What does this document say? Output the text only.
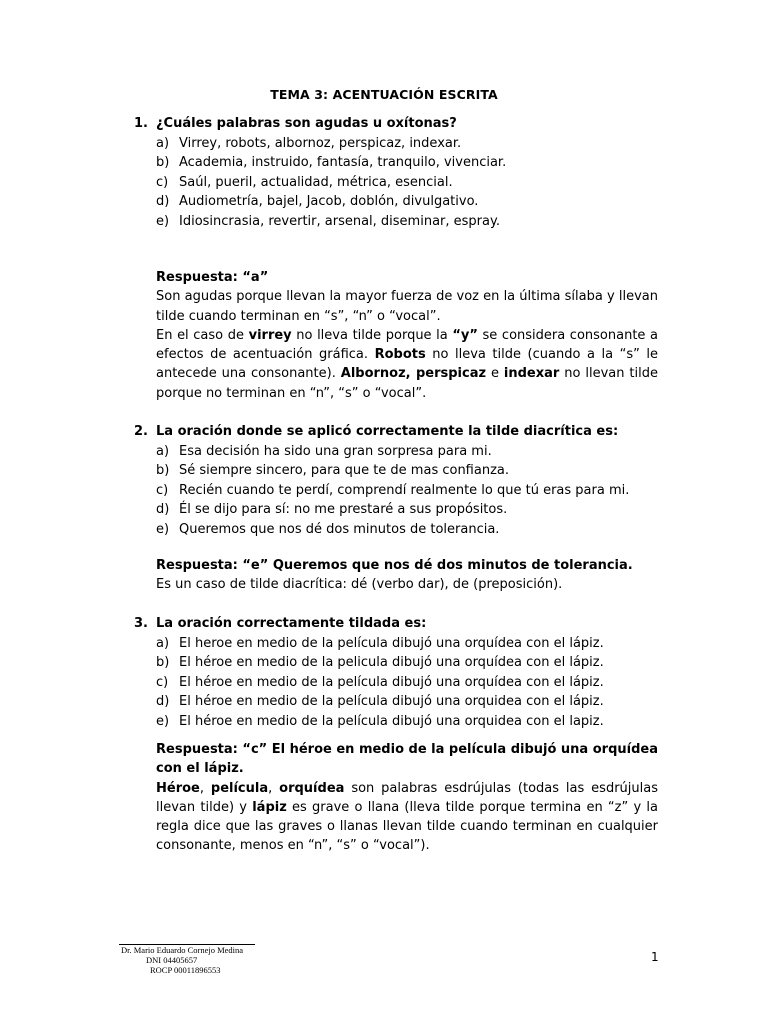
TEMA 3: ACENTUACIÓN ESCRITA
1. ¿Cuáles palabras son agudas u oxítonas?
a) Virrey, robots, albornoz, perspicaz, indexar.
b) Academia, instruido, fantasía, tranquilo, vivenciar.
c) Saúl, pueril, actualidad, métrica, esencial.
d) Audiometría, bajel, Jacob, doblón, divulgativo.
e) Idiosincrasia, revertir, arsenal, diseminar, espray.
Respuesta: “a”
Son agudas porque llevan la mayor fuerza de voz en la última sílaba y llevan tilde cuando terminan en “s”, “n” o “vocal”.
En el caso de virrey no lleva tilde porque la “y” se considera consonante a efectos de acentuación gráfica. Robots no lleva tilde (cuando a la “s” le antecede una consonante). Albornoz, perspicaz e indexar no llevan tilde porque no terminan en “n”, “s” o “vocal”.
2. La oración donde se aplicó correctamente la tilde diacrítica es:
a) Esa decisión ha sido una gran sorpresa para mi.
b) Sé siempre sincero, para que te de mas confianza.
c) Recién cuando te perdí, comprendí realmente lo que tú eras para mi.
d) Él se dijo para sí: no me prestaré a sus propósitos.
e) Queremos que nos dé dos minutos de tolerancia.
Respuesta: “e” Queremos que nos dé dos minutos de tolerancia.
Es un caso de tilde diacrítica: dé (verbo dar), de (preposición).
3. La oración correctamente tildada es:
a) El heroe en medio de la película dibujó una orquídea con el lápiz.
b) El héroe en medio de la pelicula dibujó una orquídea con el lápiz.
c) El héroe en medio de la película dibujó una orquídea con el lápiz.
d) El héroe en medio de la película dibujó una orquidea con el lápiz.
e) El héroe en medio de la película dibujó una orquidea con el lapiz.
Respuesta: “c” El héroe en medio de la película dibujó una orquídea con el lápiz.
Héroe, película, orquídea son palabras esdrújulas (todas las esdrújulas llevan tilde) y lápiz es grave o llana (lleva tilde porque termina en “z” y la regla dice que las graves o llanas llevan tilde cuando terminan en cualquier consonante, menos en “n”, “s” o “vocal”).
Dr. Mario Eduardo Cornejo Medina
DNI 04405657
ROCP 00011896553
1
